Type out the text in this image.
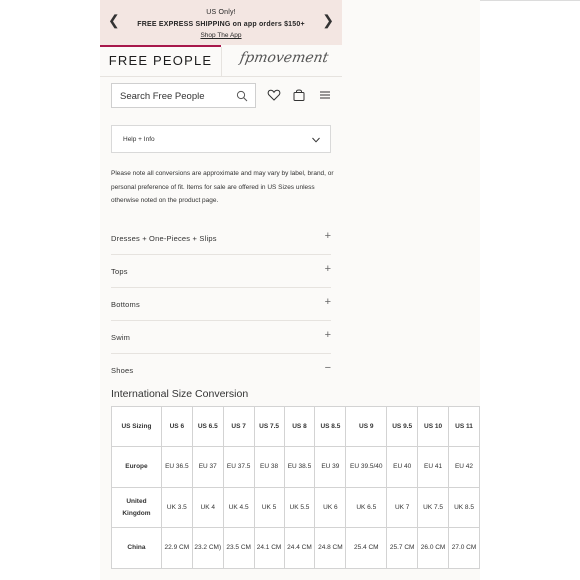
❮	US Only!
FREE EXPRESS SHIPPING on app orders $150+
Shop The App
❯
FREE PEOPLE	fpmovement
Search Free People
Help + Info

Please note all conversions are approximate and may vary by label, brand, or personal preference of fit. Items for sale are offered in US Sizes unless otherwise noted on the product page.

Dresses + One-Pieces + Slips	+
Tops	+
Bottoms	+
Swim	+
Shoes	−
International Size Conversion
US Sizing	US 6	US 6.5	US 7	US 7.5	US 8	US 8.5	US 9	US 9.5	US 10	US 11
Europe	EU 36.5	EU 37	EU 37.5	EU 38	EU 38.5	EU 39	EU 39.5/40	EU 40	EU 41	EU 42
United Kingdom	UK 3.5	UK 4	UK 4.5	UK 5	UK 5.5	UK 6	UK 6.5	UK 7	UK 7.5	UK 8.5
China	22.9 CM	23.2 CM)	23.5 CM	24.1 CM	24.4 CM	24.8 CM	25.4 CM	25.7 CM	26.0 CM	27.0 CM
